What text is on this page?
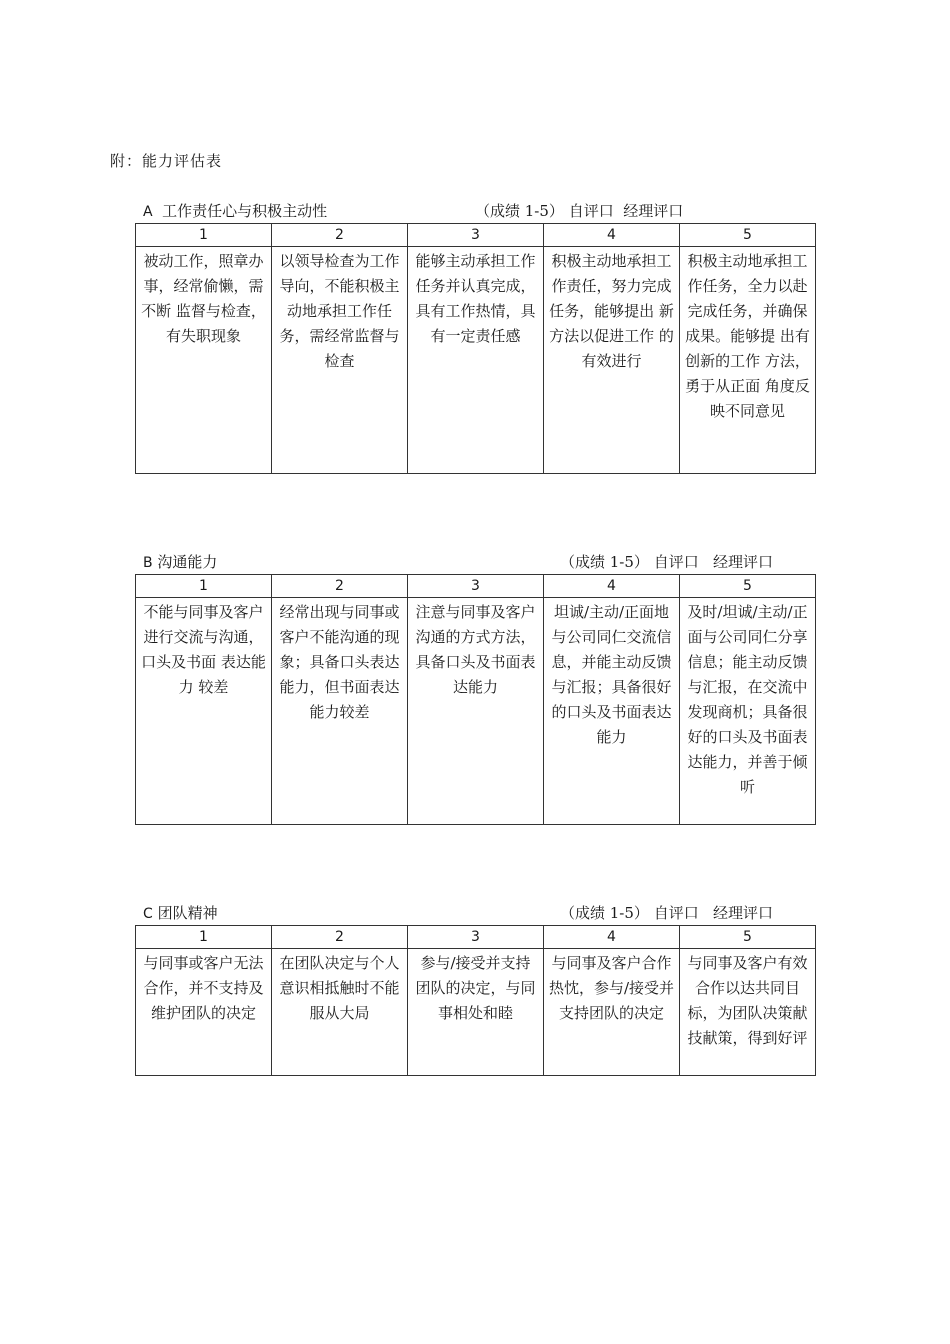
附：能力评估表
A 工作责任心与积极主动性	（成绩 1-5） 自评口 经理评口
1	2	3	4	5

被动工作，照章办 事，经常偷懒，需不断 监督与检查，有失职现象	以领导检查为工作 导向，不能积极主 动地承担工作任 务，需经常监督与 检查	能够主动承担工作 任务并认真完成，具有工作热情，具有一定责任感	积极主动地承担工 作责任，努力完成任务，能够提出 新方法以促进工作 的有效进行	积极主动地承担工作任务，全力以赴完成任务，并确保成果。能够提 出有创新的工作 方法，勇于从正面 角度反映不同意见
B 沟通能力	（成绩 1-5） 自评口 经理评口
1	2	3	4	5

不能与同事及客户 进行交流与沟通，口头及书面 表达能力 较差	经常出现与同事或 客户不能沟通的现 象；具备口头表达 能力，但书面表达 能力较差	注意与同事及客户 沟通的方式方法，具备口头及书面表 达能力	坦诚/主动/正面地 与公司同仁交流信 息，并能主动反馈 与汇报；具备很好 的口头及书面表达能力	及时/坦诚/主动/正面与公司同仁分享信息；能主动反馈与汇报，在交流中发现商机；具备很好的口头及书面表达能力，并善于倾听
C 团队精神	（成绩 1-5） 自评口 经理评口
1	2	3	4	5

与同事或客户无法 合作，并不支持及 维护团队的决定	在团队决定与个人 意识相抵触时不能 服从大局	参与/接受并支持 团队的决定，与同 事相处和睦	与同事及客户合作 热忱，参与/接受并 支持团队的决定	与同事及客户有效合作以达共同目标，为团队决策献技献策，得到好评
